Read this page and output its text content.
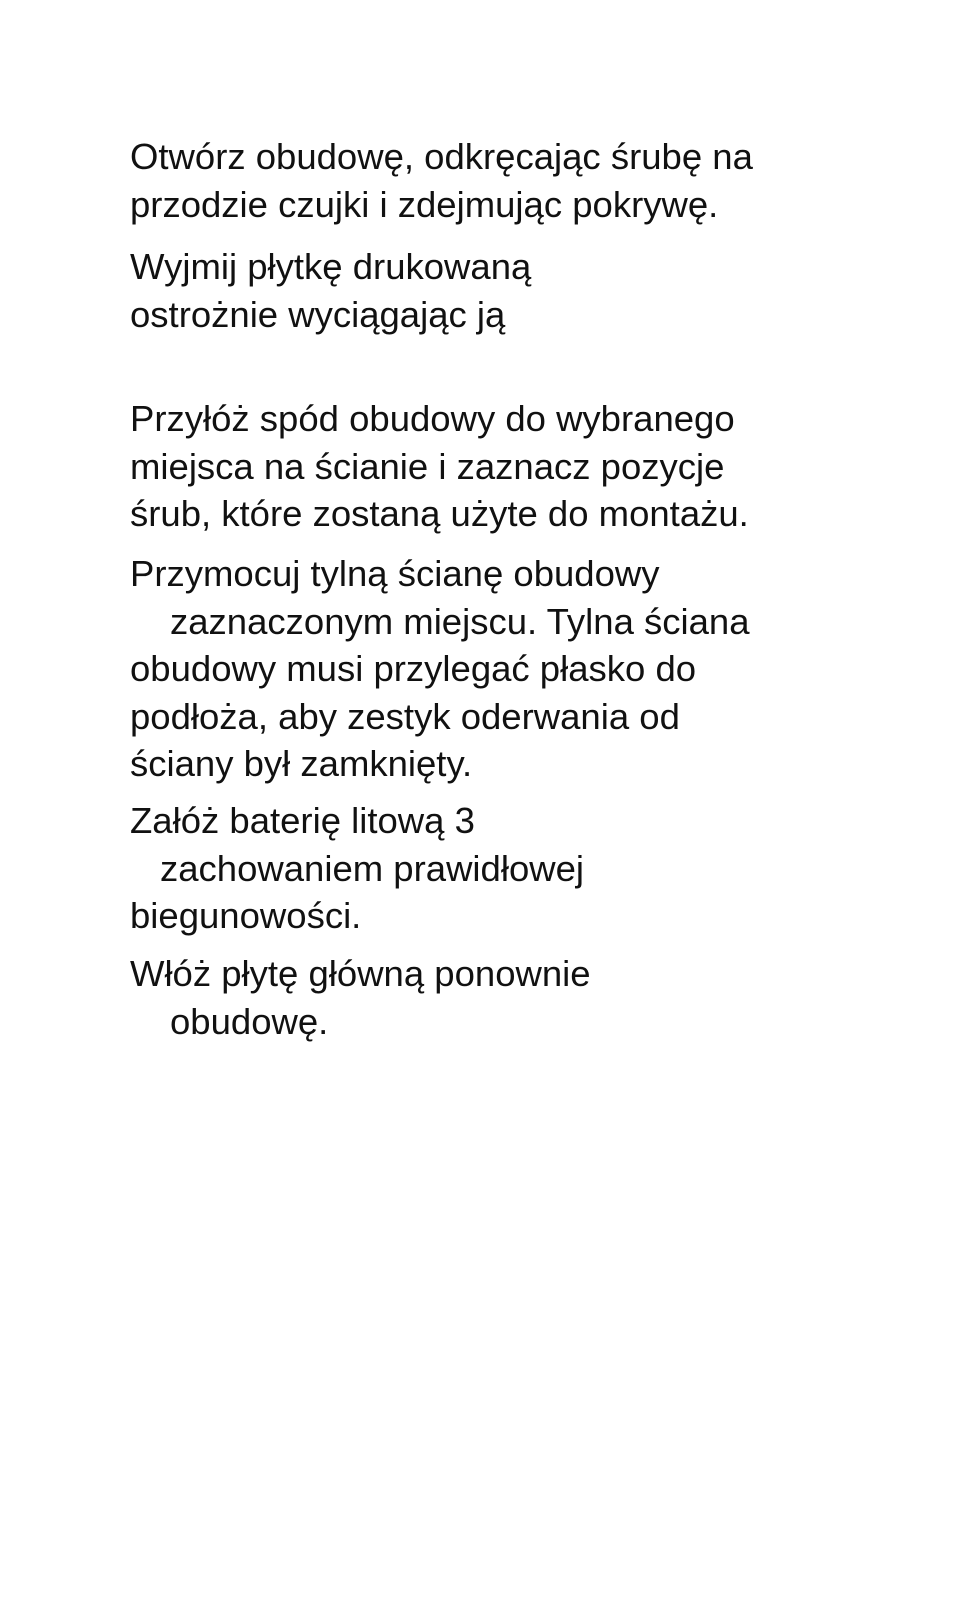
Otwórz obudowę, odkręcając śrubę na
przodzie czujki i zdejmując pokrywę.
Wyjmij płytkę drukowaną
ostrożnie wyciągając ją
Przyłóż spód obudowy do wybranego
miejsca na ścianie i zaznacz pozycje
śrub, które zostaną użyte do montażu.
Przymocuj tylną ścianę obudowy
zaznaczonym miejscu. Tylna ściana
obudowy musi przylegać płasko do
podłoża, aby zestyk oderwania od
ściany był zamknięty.
Załóż baterię litową 3
zachowaniem prawidłowej
biegunowości.
Włóż płytę główną ponownie
obudowę.
